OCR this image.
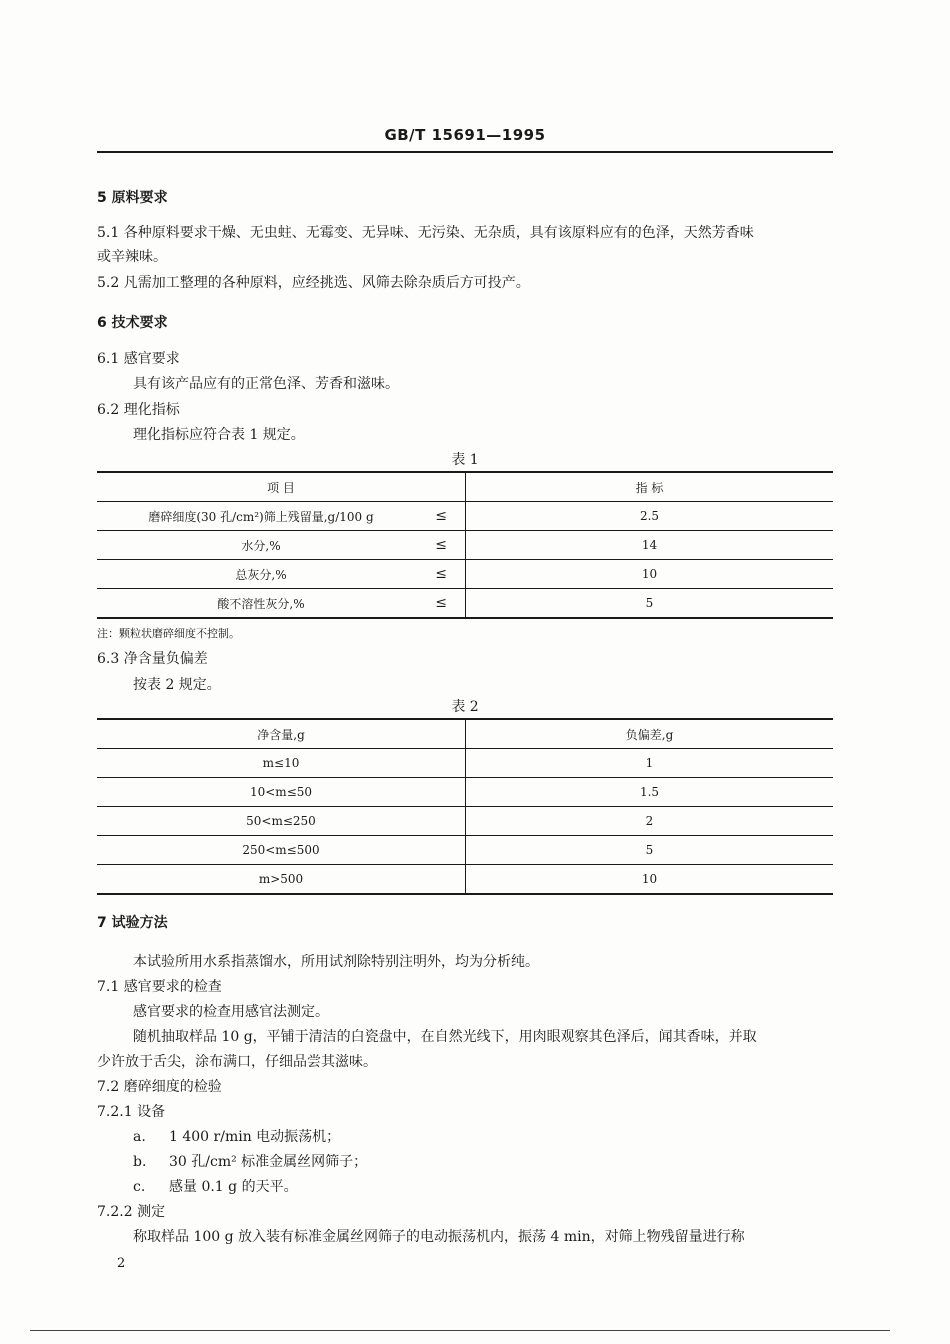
GB/T 15691—1995
5 原料要求
5.1 各种原料要求干燥、无虫蛀、无霉变、无异味、无污染、无杂质，具有该原料应有的色泽，天然芳香味
或辛辣味。
5.2 凡需加工整理的各种原料，应经挑选、风筛去除杂质后方可投产。
6 技术要求
6.1 感官要求
具有该产品应有的正常色泽、芳香和滋味。
6.2 理化指标
理化指标应符合表 1 规定。
表 1
项 目	指 标
磨碎细度(30 孔/cm²)筛上残留量,g/100 g ≤	2.5
水分,% ≤	14
总灰分,% ≤	10
酸不溶性灰分,% ≤	5
注：颗粒状磨碎细度不控制。
6.3 净含量负偏差
按表 2 规定。
表 2
净含量,g	负偏差,g
m≤10	1
10<m≤50	1.5
50<m≤250	2
250<m≤500	5
m>500	10
7 试验方法
本试验所用水系指蒸馏水，所用试剂除特别注明外，均为分析纯。
7.1 感官要求的检查
感官要求的检查用感官法测定。
随机抽取样品 10 g，平铺于清洁的白瓷盘中，在自然光线下，用肉眼观察其色泽后，闻其香味，并取
少许放于舌尖，涂布满口，仔细品尝其滋味。
7.2 磨碎细度的检验
7.2.1 设备
a. 1 400 r/min 电动振荡机；
b. 30 孔/cm² 标准金属丝网筛子；
c. 感量 0.1 g 的天平。
7.2.2 测定
称取样品 100 g 放入装有标准金属丝网筛子的电动振荡机内，振荡 4 min，对筛上物残留量进行称
2
